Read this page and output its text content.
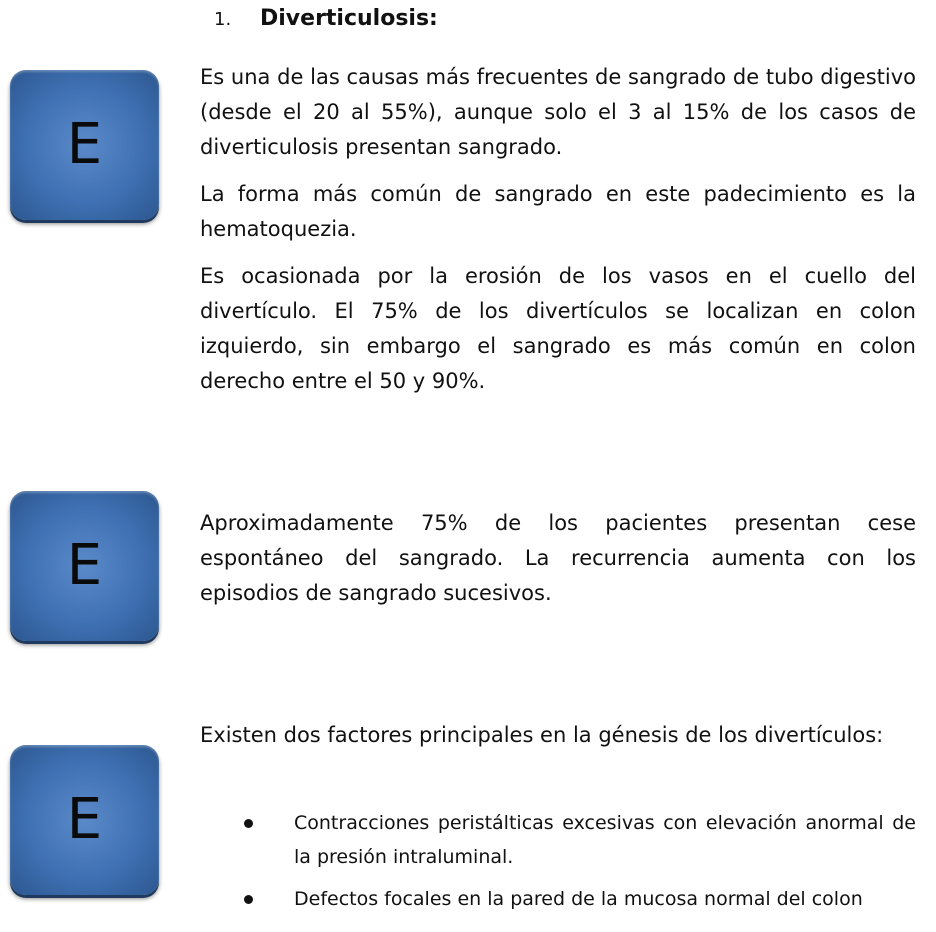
1. Diverticulosis:
E

Es una de las causas más frecuentes de sangrado de tubo digestivo (desde el 20 al 55%), aunque solo el 3 al 15% de los casos de diverticulosis presentan sangrado.

La forma más común de sangrado en este padecimiento es la hematoquezia.

Es ocasionada por la erosión de los vasos en el cuello del divertículo. El 75% de los divertículos se localizan en colon izquierdo, sin embargo el sangrado es más común en colon derecho entre el 50 y 90%.

E

Aproximadamente 75% de los pacientes presentan cese espontáneo del sangrado. La recurrencia aumenta con los episodios de sangrado sucesivos.

E

Existen dos factores principales en la génesis de los divertículos:

Contracciones peristálticas excesivas con elevación anormal de la presión intraluminal.
Defectos focales en la pared de la mucosa normal del colon
